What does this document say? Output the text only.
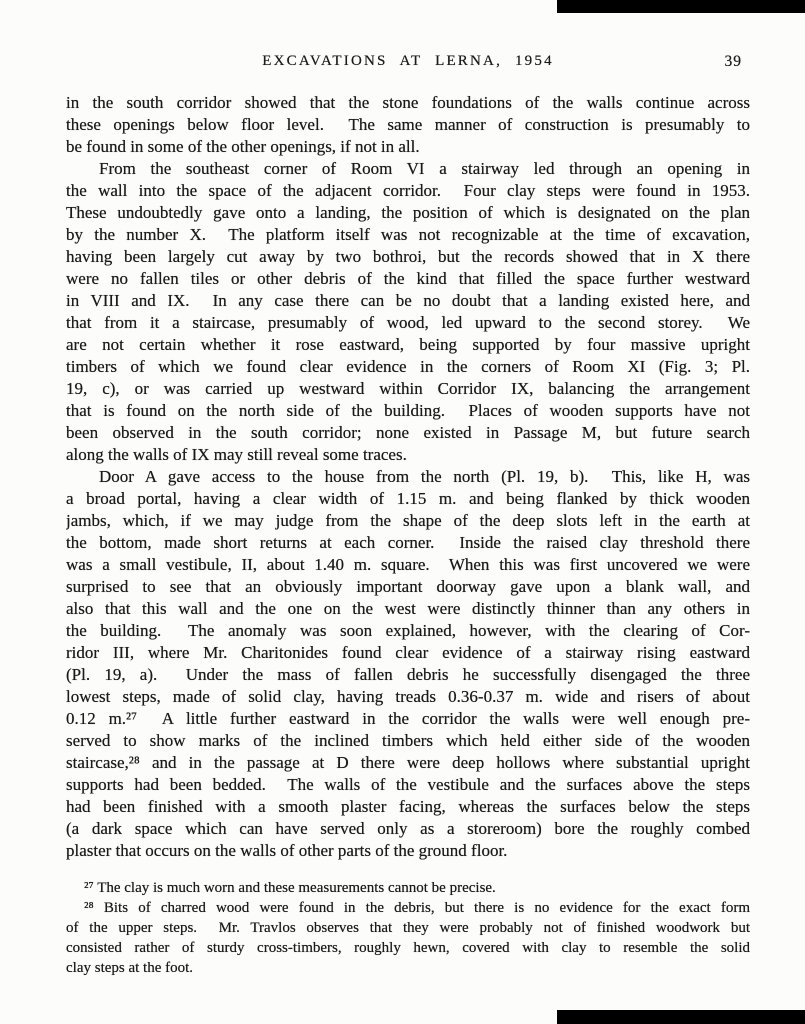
EXCAVATIONS AT LERNA, 1954	39
in the south corridor showed that the stone foundations of the walls continue across
these openings below floor level.  The same manner of construction is presumably to
be found in some of the other openings, if not in all.
From the southeast corner of Room VI a stairway led through an opening in
the wall into the space of the adjacent corridor.  Four clay steps were found in 1953.
These undoubtedly gave onto a landing, the position of which is designated on the plan
by the number X.  The platform itself was not recognizable at the time of excavation,
having been largely cut away by two bothroi, but the records showed that in X there
were no fallen tiles or other debris of the kind that filled the space further westward
in VIII and IX.  In any case there can be no doubt that a landing existed here, and
that from it a staircase, presumably of wood, led upward to the second storey.  We
are not certain whether it rose eastward, being supported by four massive upright
timbers of which we found clear evidence in the corners of Room XI (Fig. 3; Pl.
19, c), or was carried up westward within Corridor IX, balancing the arrangement
that is found on the north side of the building.  Places of wooden supports have not
been observed in the south corridor; none existed in Passage M, but future search
along the walls of IX may still reveal some traces.
Door A gave access to the house from the north (Pl. 19, b).  This, like H, was
a broad portal, having a clear width of 1.15 m. and being flanked by thick wooden
jambs, which, if we may judge from the shape of the deep slots left in the earth at
the bottom, made short returns at each corner.  Inside the raised clay threshold there
was a small vestibule, II, about 1.40 m. square.  When this was first uncovered we were
surprised to see that an obviously important doorway gave upon a blank wall, and
also that this wall and the one on the west were distinctly thinner than any others in
the building.  The anomaly was soon explained, however, with the clearing of Cor-
ridor III, where Mr. Charitonides found clear evidence of a stairway rising eastward
(Pl. 19, a).  Under the mass of fallen debris he successfully disengaged the three
lowest steps, made of solid clay, having treads 0.36-0.37 m. wide and risers of about
0.12 m.²⁷  A little further eastward in the corridor the walls were well enough pre-
served to show marks of the inclined timbers which held either side of the wooden
staircase,²⁸ and in the passage at D there were deep hollows where substantial upright
supports had been bedded.  The walls of the vestibule and the surfaces above the steps
had been finished with a smooth plaster facing, whereas the surfaces below the steps
(a dark space which can have served only as a storeroom) bore the roughly combed
plaster that occurs on the walls of other parts of the ground floor.
²⁷ The clay is much worn and these measurements cannot be precise.
²⁸ Bits of charred wood were found in the debris, but there is no evidence for the exact form
of the upper steps.  Mr. Travlos observes that they were probably not of finished woodwork but
consisted rather of sturdy cross-timbers, roughly hewn, covered with clay to resemble the solid
clay steps at the foot.
